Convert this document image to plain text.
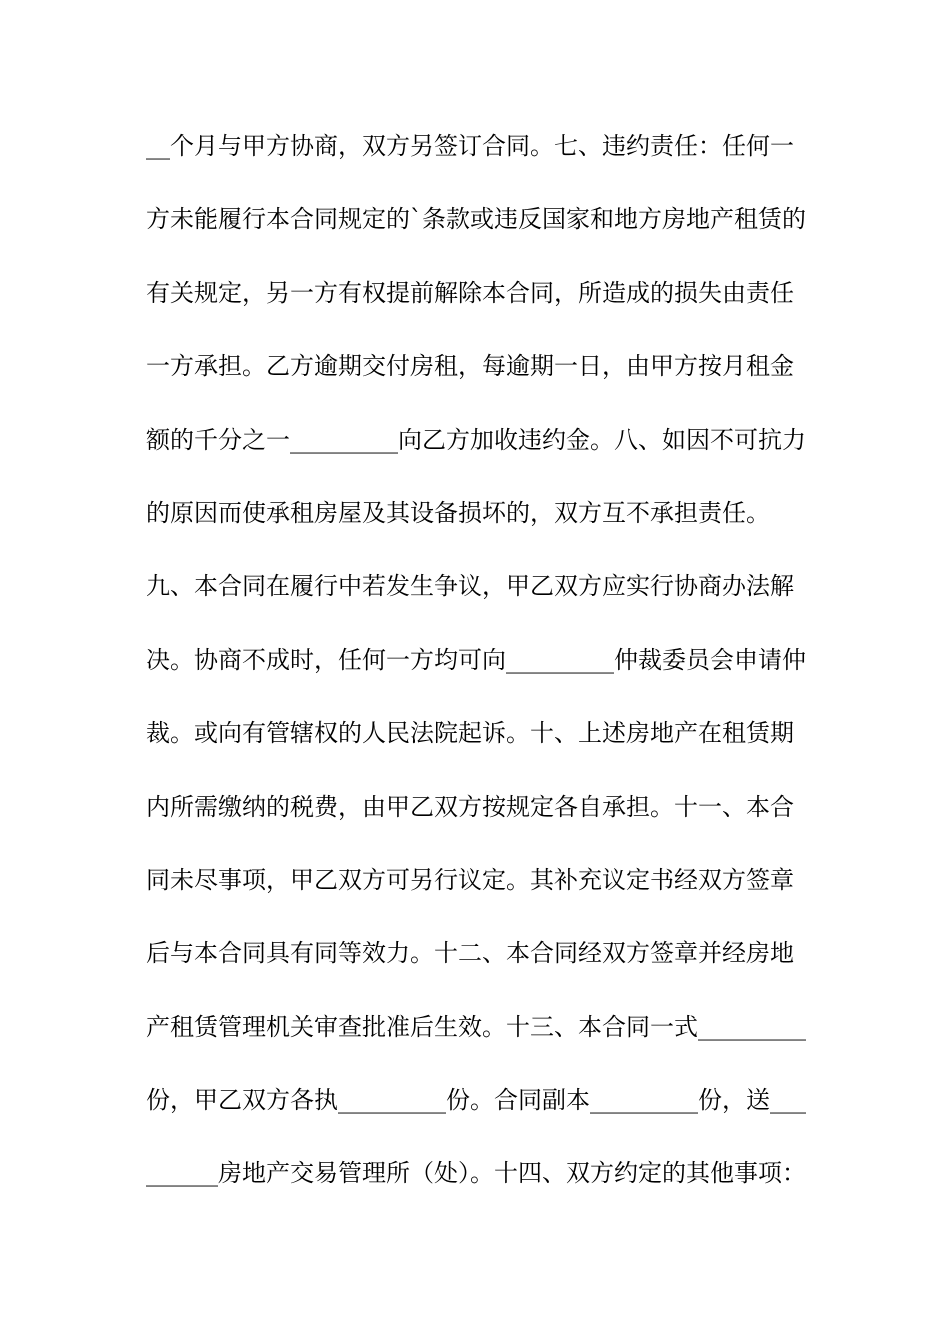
__个月与甲方协商，双方另签订合同。七、违约责任：任何一
方未能履行本合同规定的`条款或违反国家和地方房地产租赁的
有关规定，另一方有权提前解除本合同，所造成的损失由责任
一方承担。乙方逾期交付房租，每逾期一日，由甲方按月租金
额的千分之一_________向乙方加收违约金。八、如因不可抗力
的原因而使承租房屋及其设备损坏的，双方互不承担责任。
九、本合同在履行中若发生争议，甲乙双方应实行协商办法解
决。协商不成时，任何一方均可向_________仲裁委员会申请仲
裁。或向有管辖权的人民法院起诉。十、上述房地产在租赁期
内所需缴纳的税费，由甲乙双方按规定各自承担。十一、本合
同未尽事项，甲乙双方可另行议定。其补充议定书经双方签章
后与本合同具有同等效力。十二、本合同经双方签章并经房地
产租赁管理机关审查批准后生效。十三、本合同一式_________
份，甲乙双方各执_________份。合同副本_________份，送___
______房地产交易管理所（处）。十四、双方约定的其他事项：
